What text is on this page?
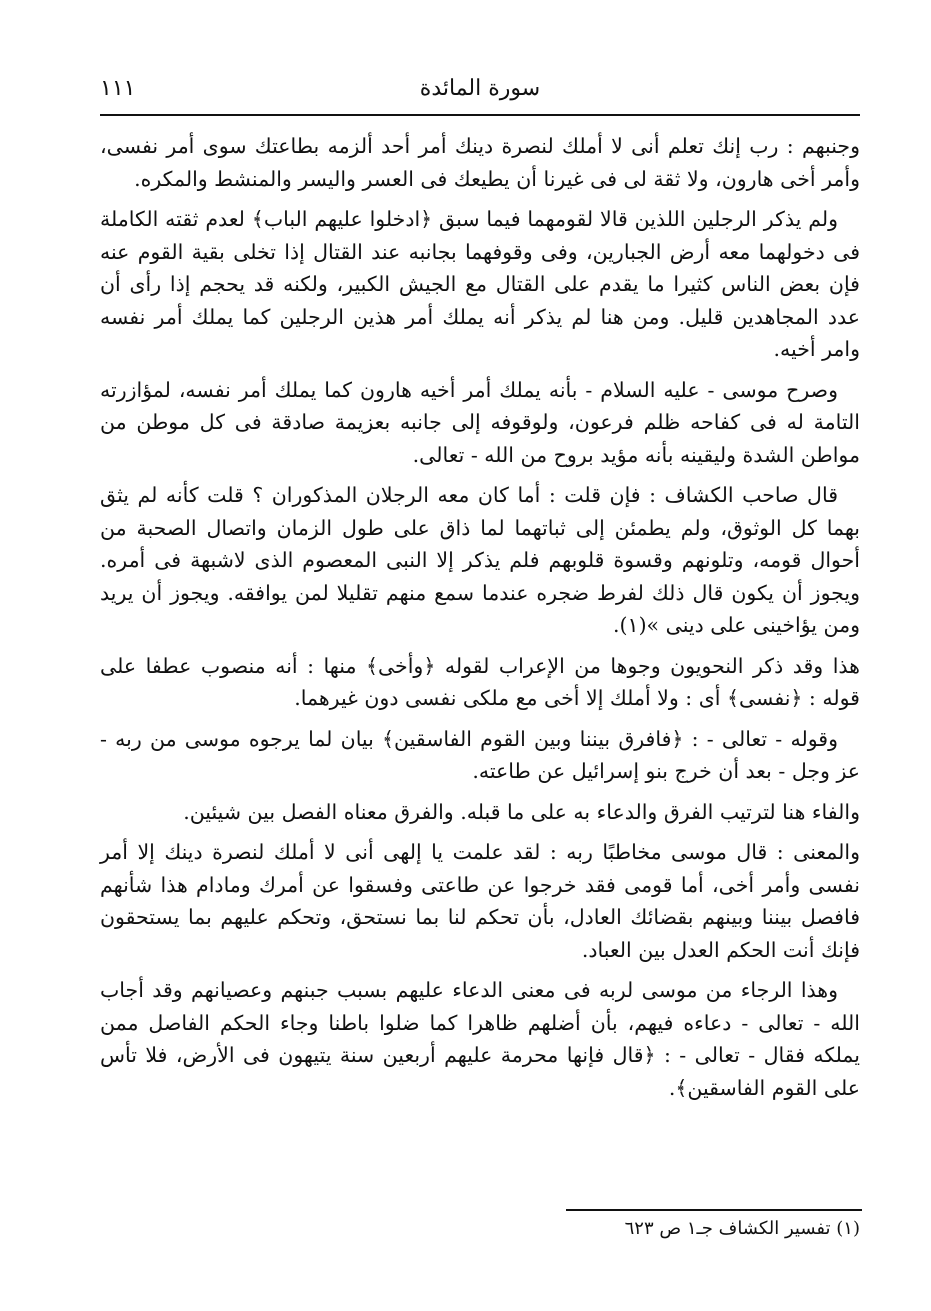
سورة المائدة
١١١

وجنبهم : رب إنك تعلم أنى لا أملك لنصرة دينك أمر أحد ألزمه بطاعتك سوى أمر نفسى، وأمر أخى هارون، ولا ثقة لى فى غيرنا أن يطيعك فى العسر واليسر والمنشط والمكره.

ولم يذكر الرجلين اللذين قالا لقومهما فيما سبق ﴿ادخلوا عليهم الباب﴾ لعدم ثقته الكاملة فى دخولهما معه أرض الجبارين، وفى وقوفهما بجانبه عند القتال إذا تخلى بقية القوم عنه فإن بعض الناس كثيرا ما يقدم على القتال مع الجيش الكبير، ولكنه قد يحجم إذا رأى أن عدد المجاهدين قليل. ومن هنا لم يذكر أنه يملك أمر هذين الرجلين كما يملك أمر نفسه وامر أخيه.

وصرح موسى - عليه السلام - بأنه يملك أمر أخيه هارون كما يملك أمر نفسه، لمؤازرته التامة له فى كفاحه ظلم فرعون، ولوقوفه إلى جانبه بعزيمة صادقة فى كل موطن من مواطن الشدة وليقينه بأنه مؤيد بروح من الله - تعالى.

قال صاحب الكشاف : فإن قلت : أما كان معه الرجلان المذكوران ؟ قلت كأنه لم يثق بهما كل الوثوق، ولم يطمئن إلى ثباتهما لما ذاق على طول الزمان واتصال الصحبة من أحوال قومه، وتلونهم وقسوة قلوبهم فلم يذكر إلا النبى المعصوم الذى لاشبهة فى أمره. ويجوز أن يكون قال ذلك لفرط ضجره عندما سمع منهم تقليلا لمن يوافقه. ويجوز أن يريد ومن يؤاخينى على دينى »(١).

هذا وقد ذكر النحويون وجوها من الإعراب لقوله ﴿وأخى﴾ منها : أنه منصوب عطفا على قوله : ﴿نفسى﴾ أى : ولا أملك إلا أخى مع ملكى نفسى دون غيرهما.

وقوله - تعالى - : ﴿فافرق بيننا وبين القوم الفاسقين﴾ بيان لما يرجوه موسى من ربه - عز وجل - بعد أن خرج بنو إسرائيل عن طاعته.

والفاء هنا لترتيب الفرق والدعاء به على ما قبله. والفرق معناه الفصل بين شيئين.

والمعنى : قال موسى مخاطبًا ربه : لقد علمت يا إلهى أنى لا أملك لنصرة دينك إلا أمر نفسى وأمر أخى، أما قومى فقد خرجوا عن طاعتى وفسقوا عن أمرك ومادام هذا شأنهم فافصل بيننا وبينهم بقضائك العادل، بأن تحكم لنا بما نستحق، وتحكم عليهم بما يستحقون فإنك أنت الحكم العدل بين العباد.

وهذا الرجاء من موسى لربه فى معنى الدعاء عليهم بسبب جبنهم وعصيانهم وقد أجاب الله - تعالى - دعاءه فيهم، بأن أضلهم ظاهرا كما ضلوا باطنا وجاء الحكم الفاصل ممن يملكه فقال - تعالى - : ﴿قال فإنها محرمة عليهم أربعين سنة يتيهون فى الأرض، فلا تأس على القوم الفاسقين﴾.

(١) تفسير الكشاف جـ١ ص ٦٢٣
